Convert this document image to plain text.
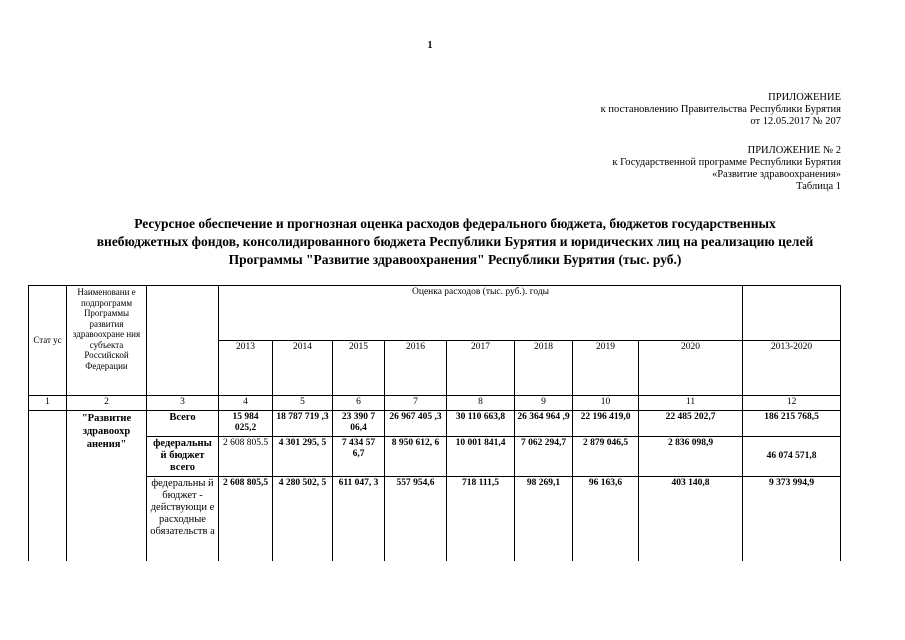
1
ПРИЛОЖЕНИЕ
к постановлению Правительства Республики Бурятия
от 12.05.2017 № 207
ПРИЛОЖЕНИЕ № 2
к Государственной программе Республики Бурятия
«Развитие здравоохранения»
Таблица 1
Ресурсное обеспечение и прогнозная оценка расходов федерального бюджета, бюджетов государственных
внебюджетных фондов, консолидированного бюджета Республики Бурятия и юридических лиц на реализацию целей
Программы "Развитие здравоохранения" Республики Бурятия (тыс. руб.)
Стат ус	Наименовани е подпрограмм Программы развития здравоохране ния субъекта Российской Федерации		Оценка расходов (тыс. руб.). годы								
			2013	2014	2015	2016	2017	2018	2019	2020	2013-2020
1	2	3	4	5	6	7	8	9	10	11	12
	"Развитие здравоохр анения"	Всего	15 984 025,2	18 787 719 ,3	23 390 7 06,4	26 967 405 ,3	30 110 663,8	26 364 964 ,9	22 196 419,0	22 485 202,7	186 215 768,5
		федеральны й бюджет всего	2 608 805.5	4 301 295, 5	7 434 57 6,7	8 950 612, 6	10 001 841,4	7 062 294,7	2 879 046,5	2 836 098,9	46 074 571,8
		федеральны й бюджет - действующи е расходные обязательств а	2 608 805,5	4 280 502, 5	611 047, 3	557 954,6	718 111,5	98 269,1	96 163,6	403 140,8	9 373 994,9
